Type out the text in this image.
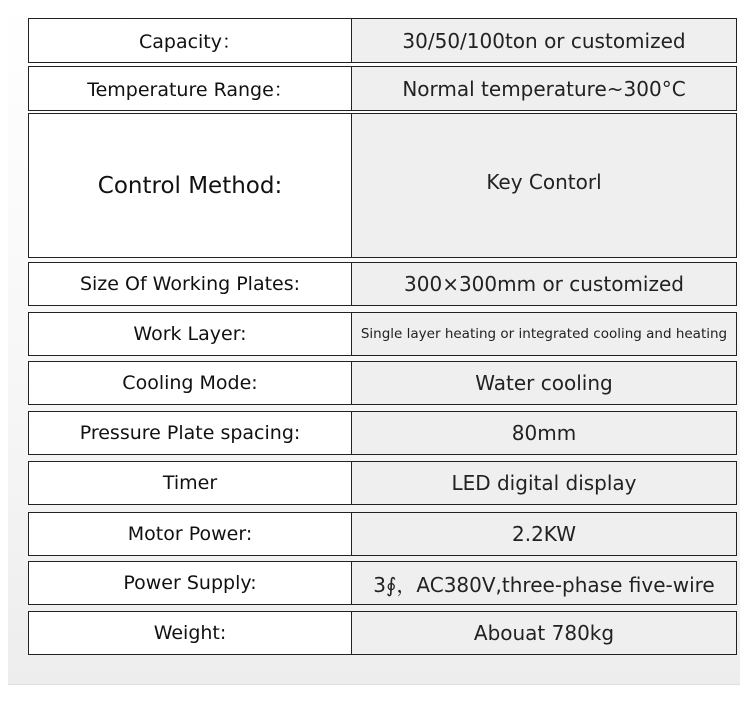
Capacity：	30/50/100ton or customized
Temperature Range：	Normal temperature~300°C
Control Method:	Key Contorl
Size Of Working Plates:	300×300mm or customized
Work Layer:	Single layer heating or integrated cooling and heating
Cooling Mode:	Water cooling
Pressure Plate spacing:	80mm
Timer	LED digital display
Motor Power:	2.2KW
Power Supply:	3∮，AC380V,three-phase five-wire
Weight:	Abouat 780kg
